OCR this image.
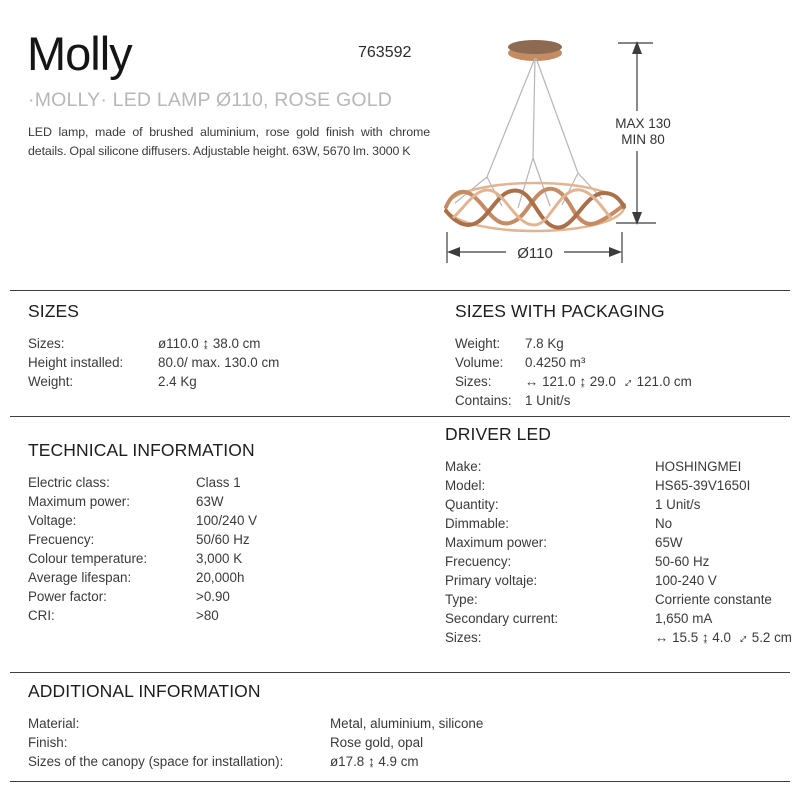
Molly	763592
·MOLLY· LED LAMP Ø110, ROSE GOLD
LED lamp, made of brushed aluminium, rose gold finish with chrome details. Opal silicone diffusers. Adjustable height. 63W, 5670 lm. 3000 K
MAX 130
MIN 80
Ø110
SIZES
Sizes:	ø110.0 ↨ 38.0 cm
Height installed:	80.0/ max. 130.0 cm
Weight:	2.4 Kg
SIZES WITH PACKAGING
Weight:	7.8 Kg
Volume:	0.4250 m³
Sizes:	↔ 121.0 ↨ 29.0 ↔ 121.0 cm
Contains:	1 Unit/s
TECHNICAL INFORMATION
Electric class:	Class 1
Maximum power:	63W
Voltage:	100/240 V
Frecuency:	50/60 Hz
Colour temperature:	3,000 K
Average lifespan:	20,000h
Power factor:	>0.90
CRI:	>80
DRIVER LED
Make:	HOSHINGMEI
Model:	HS65-39V1650I
Quantity:	1 Unit/s
Dimmable:	No
Maximum power:	65W
Frecuency:	50-60 Hz
Primary voltaje:	100-240 V
Type:	Corriente constante
Secondary current:	1,650 mA
Sizes:	↔ 15.5 ↨ 4.0 ↔ 5.2 cm
ADDITIONAL INFORMATION
Material:	Metal, aluminium, silicone
Finish:	Rose gold, opal
Sizes of the canopy (space for installation):	ø17.8 ↨ 4.9 cm
